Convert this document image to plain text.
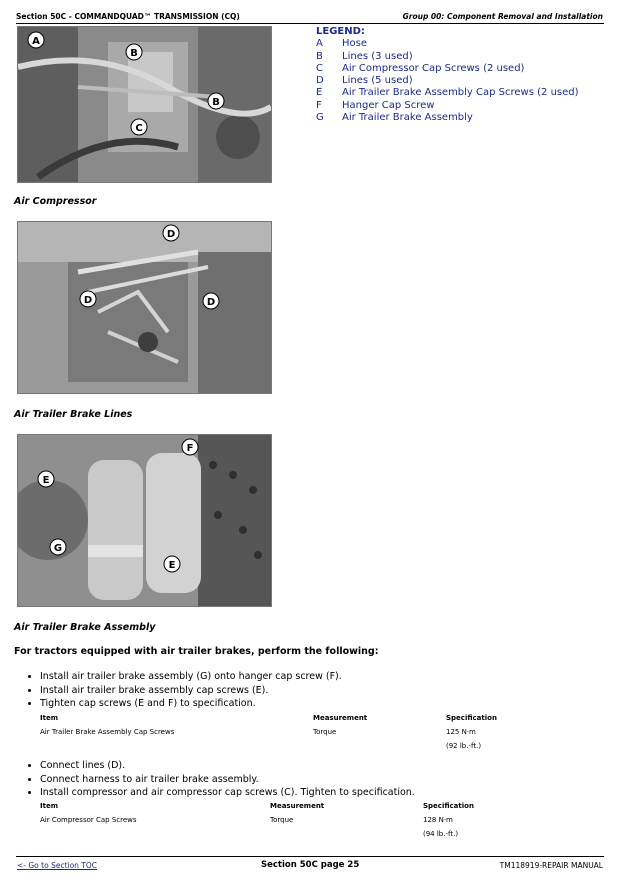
Section 50C - COMMANDQUAD™ TRANSMISSION (CQ)	Group 00: Component Removal and Installation
A
B
B
C
Air Compressor
LEGEND:
A	Hose
B	Lines (3 used)
C	Air Compressor Cap Screws (2 used)
D	Lines (5 used)
E	Air Trailer Brake Assembly Cap Screws (2 used)
F	Hanger Cap Screw
G	Air Trailer Brake Assembly
D
D	D
Air Trailer Brake Lines
F
E
G
E
Air Trailer Brake Assembly
For tractors equipped with air trailer brakes, perform the following:
• Install air trailer brake assembly (G) onto hanger cap screw (F).
• Install air trailer brake assembly cap screws (E).
• Tighten cap screws (E and F) to specification.
Item	Measurement	Specification
Air Trailer Brake Assembly Cap Screws	Torque	125 N·m
		(92 lb.-ft.)
• Connect lines (D).
• Connect harness to air trailer brake assembly.
• Install compressor and air compressor cap screws (C). Tighten to specification.
Item	Measurement	Specification
Air Compressor Cap Screws	Torque	128 N·m
		(94 lb.-ft.)
<- Go to Section TOC	Section 50C page 25	TM118919-REPAIR MANUAL
